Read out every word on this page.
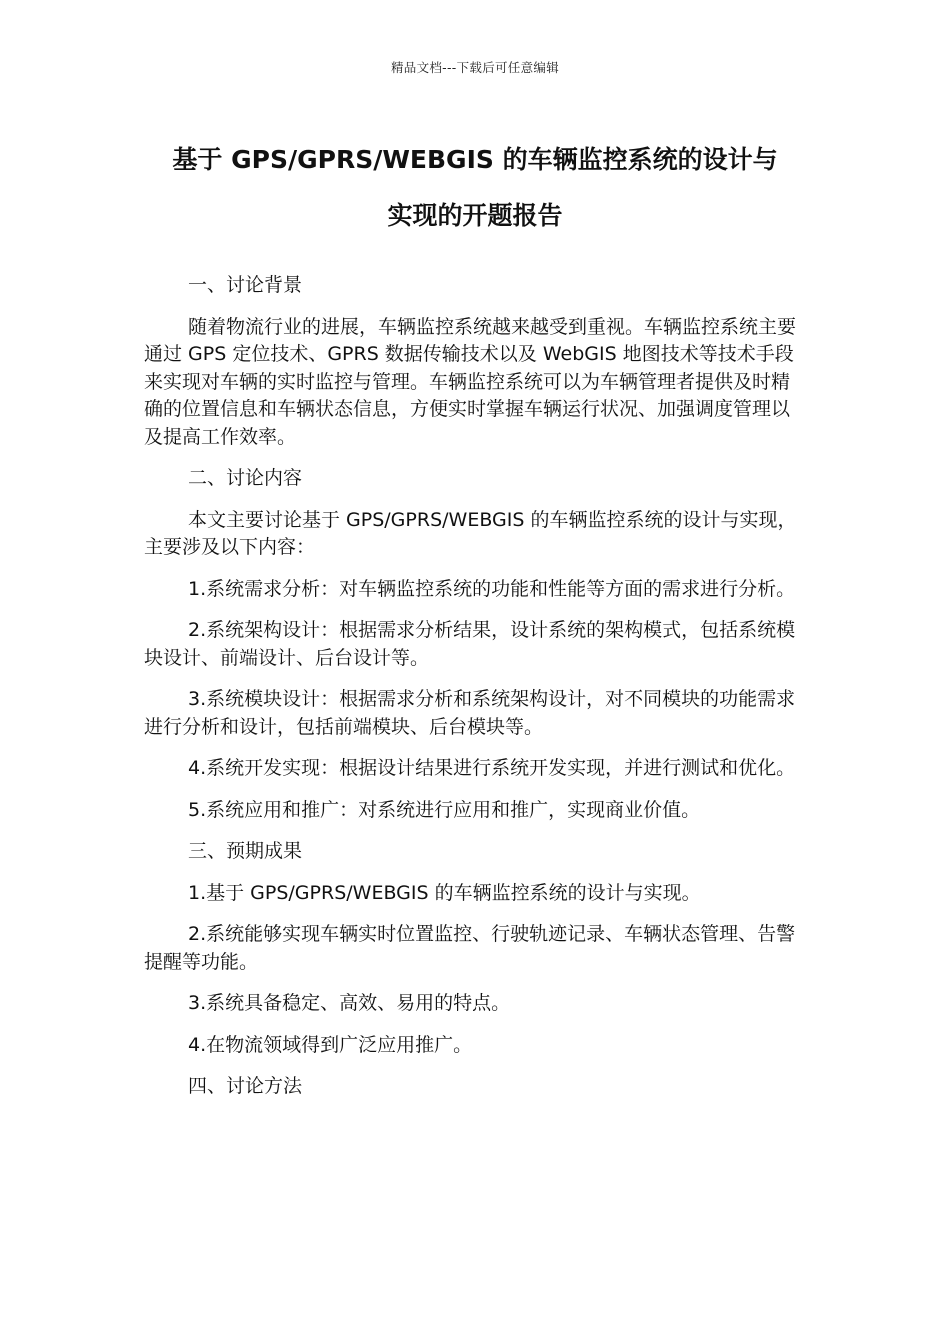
精品文档---下载后可任意编辑
基于 GPS/GPRS/WEBGIS 的车辆监控系统的设计与
实现的开题报告

一、讨论背景

随着物流行业的进展，车辆监控系统越来越受到重视。车辆监控系统主要通过 GPS 定位技术、GPRS 数据传输技术以及 WebGIS 地图技术等技术手段来实现对车辆的实时监控与管理。车辆监控系统可以为车辆管理者提供及时精确的位置信息和车辆状态信息，方便实时掌握车辆运行状况、加强调度管理以及提高工作效率。

二、讨论内容

本文主要讨论基于 GPS/GPRS/WEBGIS 的车辆监控系统的设计与实现，主要涉及以下内容：

1.系统需求分析：对车辆监控系统的功能和性能等方面的需求进行分析。

2.系统架构设计：根据需求分析结果，设计系统的架构模式，包括系统模块设计、前端设计、后台设计等。

3.系统模块设计：根据需求分析和系统架构设计，对不同模块的功能需求进行分析和设计，包括前端模块、后台模块等。

4.系统开发实现：根据设计结果进行系统开发实现，并进行测试和优化。

5.系统应用和推广：对系统进行应用和推广，实现商业价值。

三、预期成果

1.基于 GPS/GPRS/WEBGIS 的车辆监控系统的设计与实现。

2.系统能够实现车辆实时位置监控、行驶轨迹记录、车辆状态管理、告警提醒等功能。

3.系统具备稳定、高效、易用的特点。

4.在物流领域得到广泛应用推广。

四、讨论方法
